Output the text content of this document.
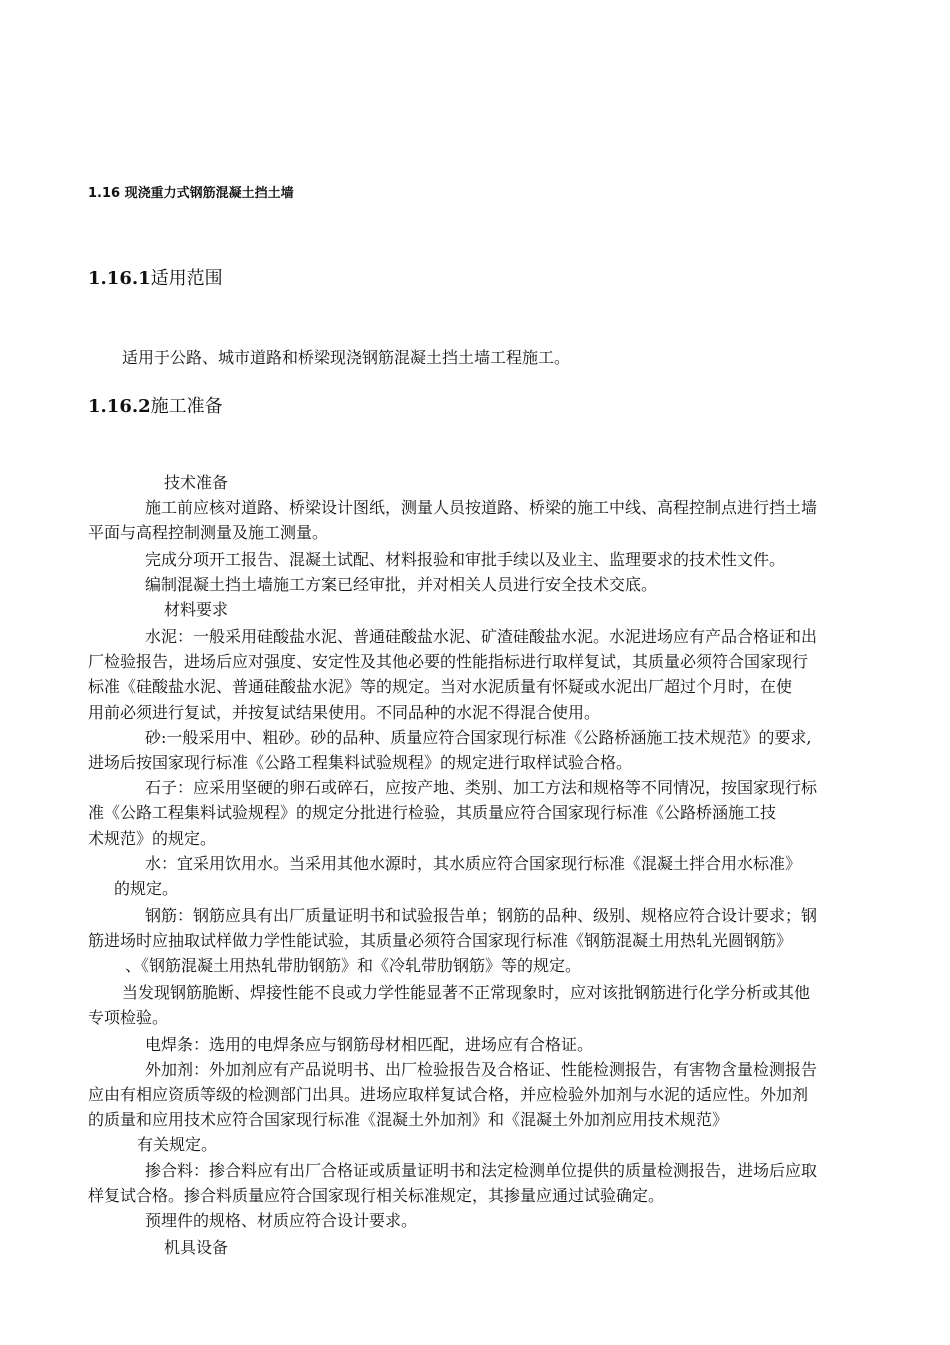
1.16 现浇重力式钢筋混凝土挡土墙
1.16.1适用范围
适用于公路、城市道路和桥梁现浇钢筋混凝土挡土墙工程施工。
1.16.2施工准备
技术准备
施工前应核对道路、桥梁设计图纸，测量人员按道路、桥梁的施工中线、高程控制点进行挡土墙
平面与高程控制测量及施工测量。
完成分项开工报告、混凝土试配、材料报验和审批手续以及业主、监理要求的技术性文件。
编制混凝土挡土墙施工方案已经审批，并对相关人员进行安全技术交底。
材料要求
水泥：一般采用硅酸盐水泥、普通硅酸盐水泥、矿渣硅酸盐水泥。水泥进场应有产品合格证和出
厂检验报告，进场后应对强度、安定性及其他必要的性能指标进行取样复试，其质量必须符合国家现行
标准《硅酸盐水泥、普通硅酸盐水泥》等的规定。当对水泥质量有怀疑或水泥出厂超过个月时，在使
用前必须进行复试，并按复试结果使用。不同品种的水泥不得混合使用。
砂:一般采用中、粗砂。砂的品种、质量应符合国家现行标准《公路桥涵施工技术规范》的要求,
进场后按国家现行标准《公路工程集料试验规程》的规定进行取样试验合格。
石子：应采用坚硬的卵石或碎石，应按产地、类别、加工方法和规格等不同情况，按国家现行标
准《公路工程集料试验规程》的规定分批进行检验，其质量应符合国家现行标准《公路桥涵施工技
术规范》的规定。
水：宜采用饮用水。当采用其他水源时，其水质应符合国家现行标准《混凝土拌合用水标准》
的规定。
钢筋：钢筋应具有出厂质量证明书和试验报告单；钢筋的品种、级别、规格应符合设计要求；钢
筋进场时应抽取试样做力学性能试验，其质量必须符合国家现行标准《钢筋混凝土用热轧光圆钢筋》
、《钢筋混凝土用热轧带肋钢筋》和《冷轧带肋钢筋》等的规定。
当发现钢筋脆断、焊接性能不良或力学性能显著不正常现象时，应对该批钢筋进行化学分析或其他
专项检验。
电焊条：选用的电焊条应与钢筋母材相匹配，进场应有合格证。
外加剂：外加剂应有产品说明书、出厂检验报告及合格证、性能检测报告，有害物含量检测报告
应由有相应资质等级的检测部门出具。进场应取样复试合格，并应检验外加剂与水泥的适应性。外加剂
的质量和应用技术应符合国家现行标准《混凝土外加剂》和《混凝土外加剂应用技术规范》
有关规定。
掺合料：掺合料应有出厂合格证或质量证明书和法定检测单位提供的质量检测报告，进场后应取
样复试合格。掺合料质量应符合国家现行相关标准规定，其掺量应通过试验确定。
预埋件的规格、材质应符合设计要求。
机具设备
